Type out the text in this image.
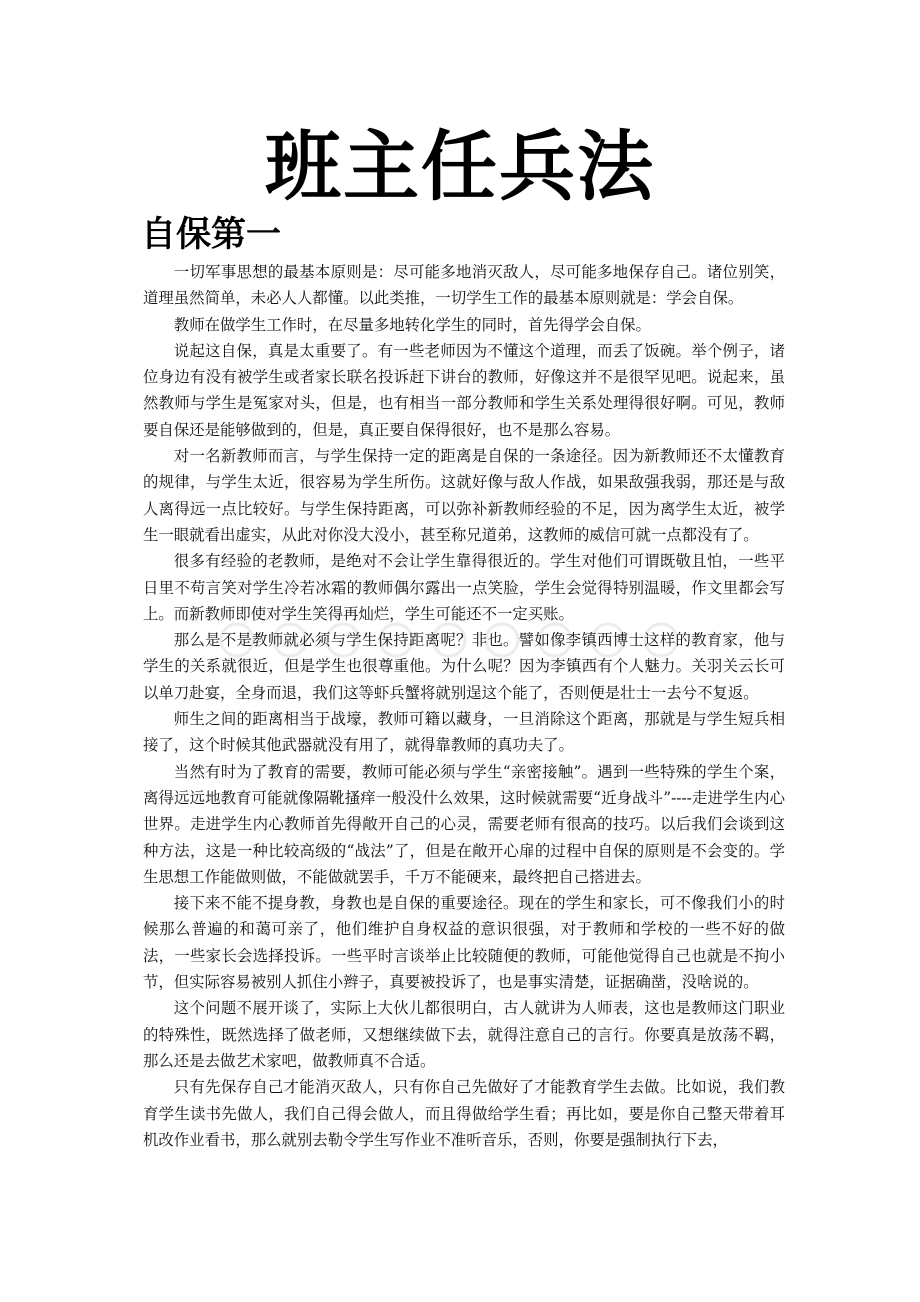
班主任兵法
自保第一

一切军事思想的最基本原则是：尽可能多地消灭敌人，尽可能多地保存自己。诸位别笑，道理虽然简单，未必人人都懂。以此类推，一切学生工作的最基本原则就是：学会自保。

教师在做学生工作时，在尽量多地转化学生的同时，首先得学会自保。

说起这自保，真是太重要了。有一些老师因为不懂这个道理，而丢了饭碗。举个例子，诸位身边有没有被学生或者家长联名投诉赶下讲台的教师，好像这并不是很罕见吧。说起来，虽然教师与学生是冤家对头，但是，也有相当一部分教师和学生关系处理得很好啊。可见，教师要自保还是能够做到的，但是，真正要自保得很好，也不是那么容易。

对一名新教师而言，与学生保持一定的距离是自保的一条途径。因为新教师还不太懂教育的规律，与学生太近，很容易为学生所伤。这就好像与敌人作战，如果敌强我弱，那还是与敌人离得远一点比较好。与学生保持距离，可以弥补新教师经验的不足，因为离学生太近，被学生一眼就看出虚实，从此对你没大没小，甚至称兄道弟，这教师的威信可就一点都没有了。

很多有经验的老教师，是绝对不会让学生靠得很近的。学生对他们可谓既敬且怕，一些平日里不苟言笑对学生冷若冰霜的教师偶尔露出一点笑脸，学生会觉得特别温暖，作文里都会写上。而新教师即使对学生笑得再灿烂，学生可能还不一定买账。

那么是不是教师就必须与学生保持距离呢？非也。譬如像李镇西博士这样的教育家，他与学生的关系就很近，但是学生也很尊重他。为什么呢？因为李镇西有个人魅力。关羽关云长可以单刀赴宴，全身而退，我们这等虾兵蟹将就别逞这个能了，否则便是壮士一去兮不复返。

师生之间的距离相当于战壕，教师可籍以藏身，一旦消除这个距离，那就是与学生短兵相接了，这个时候其他武器就没有用了，就得靠教师的真功夫了。

当然有时为了教育的需要，教师可能必须与学生“亲密接触”。遇到一些特殊的学生个案，离得远远地教育可能就像隔靴搔痒一般没什么效果，这时候就需要“近身战斗”----走进学生内心世界。走进学生内心教师首先得敞开自己的心灵，需要老师有很高的技巧。以后我们会谈到这种方法，这是一种比较高级的“战法”了，但是在敞开心扉的过程中自保的原则是不会变的。学生思想工作能做则做，不能做就罢手，千万不能硬来，最终把自己搭进去。

接下来不能不提身教，身教也是自保的重要途径。现在的学生和家长，可不像我们小的时候那么普遍的和蔼可亲了，他们维护自身权益的意识很强，对于教师和学校的一些不好的做法，一些家长会选择投诉。一些平时言谈举止比较随便的教师，可能他觉得自己也就是不拘小节，但实际容易被别人抓住小辫子，真要被投诉了，也是事实清楚，证据确凿，没啥说的。

这个问题不展开谈了，实际上大伙儿都很明白，古人就讲为人师表，这也是教师这门职业的特殊性，既然选择了做老师，又想继续做下去，就得注意自己的言行。你要真是放荡不羁，那么还是去做艺术家吧，做教师真不合适。

只有先保存自己才能消灭敌人，只有你自己先做好了才能教育学生去做。比如说，我们教育学生读书先做人，我们自己得会做人，而且得做给学生看；再比如，要是你自己整天带着耳机改作业看书，那么就别去勒令学生写作业不准听音乐，否则，你要是强制执行下去，
